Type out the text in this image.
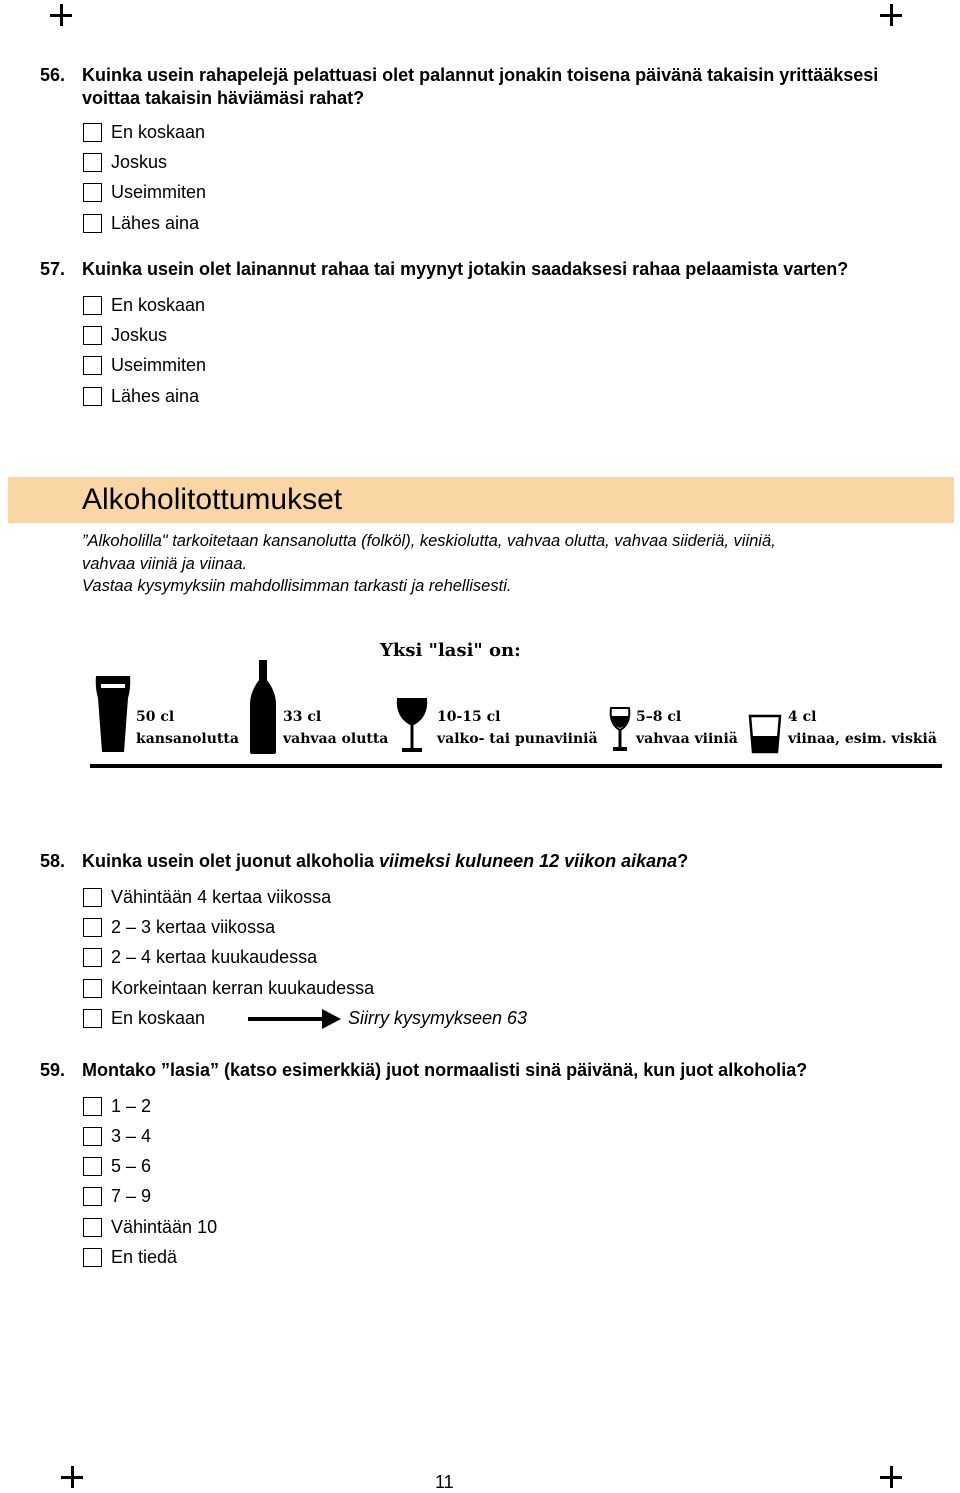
56. Kuinka usein rahapelejä pelattuasi olet palannut jonakin toisena päivänä takaisin yrittääksesi
voittaa takaisin häviämäsi rahat?
En koskaan
Joskus
Useimmiten
Lähes aina
57. Kuinka usein olet lainannut rahaa tai myynyt jotakin saadaksesi rahaa pelaamista varten?
En koskaan
Joskus
Useimmiten
Lähes aina
Alkoholitottumukset
”Alkoholilla" tarkoitetaan kansanolutta (folköl), keskiolutta, vahvaa olutta, vahvaa siideriä, viiniä,
vahvaa viiniä ja viinaa.
Vastaa kysymyksiin mahdollisimman tarkasti ja rehellisesti.
Yksi "lasi" on:
50 cl
kansanolutta
33 cl
vahvaa olutta
10-15 cl
valko- tai punaviiniä
5–8 cl
vahvaa viiniä
4 cl
viinaa, esim. viskiä
58. Kuinka usein olet juonut alkoholia viimeksi kuluneen 12 viikon aikana?
Vähintään 4 kertaa viikossa
2 – 3 kertaa viikossa
2 – 4 kertaa kuukaudessa
Korkeintaan kerran kuukaudessa
En koskaan	Siirry kysymykseen 63
59. Montako ”lasia” (katso esimerkkiä) juot normaalisti sinä päivänä, kun juot alkoholia?
1 – 2
3 – 4
5 – 6
7 – 9
Vähintään 10
En tiedä
11
